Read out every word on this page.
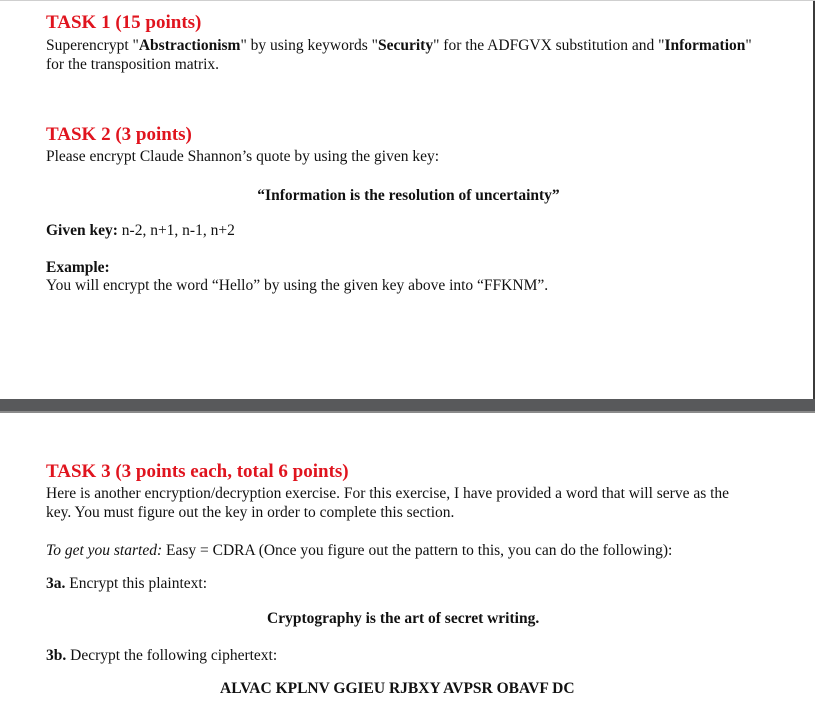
TASK 1 (15 points)
Superencrypt "Abstractionism" by using keywords "Security" for the ADFGVX substitution and "Information"
for the transposition matrix.
TASK 2 (3 points)
Please encrypt Claude Shannon’s quote by using the given key:
“Information is the resolution of uncertainty”
Given key: n-2, n+1, n-1, n+2
Example:
You will encrypt the word “Hello” by using the given key above into “FFKNM”.
TASK 3 (3 points each, total 6 points)
Here is another encryption/decryption exercise. For this exercise, I have provided a word that will serve as the
key. You must figure out the key in order to complete this section.
To get you started: Easy = CDRA (Once you figure out the pattern to this, you can do the following):
3a. Encrypt this plaintext:
Cryptography is the art of secret writing.
3b. Decrypt the following ciphertext:
ALVAC KPLNV GGIEU RJBXY AVPSR OBAVF DC
